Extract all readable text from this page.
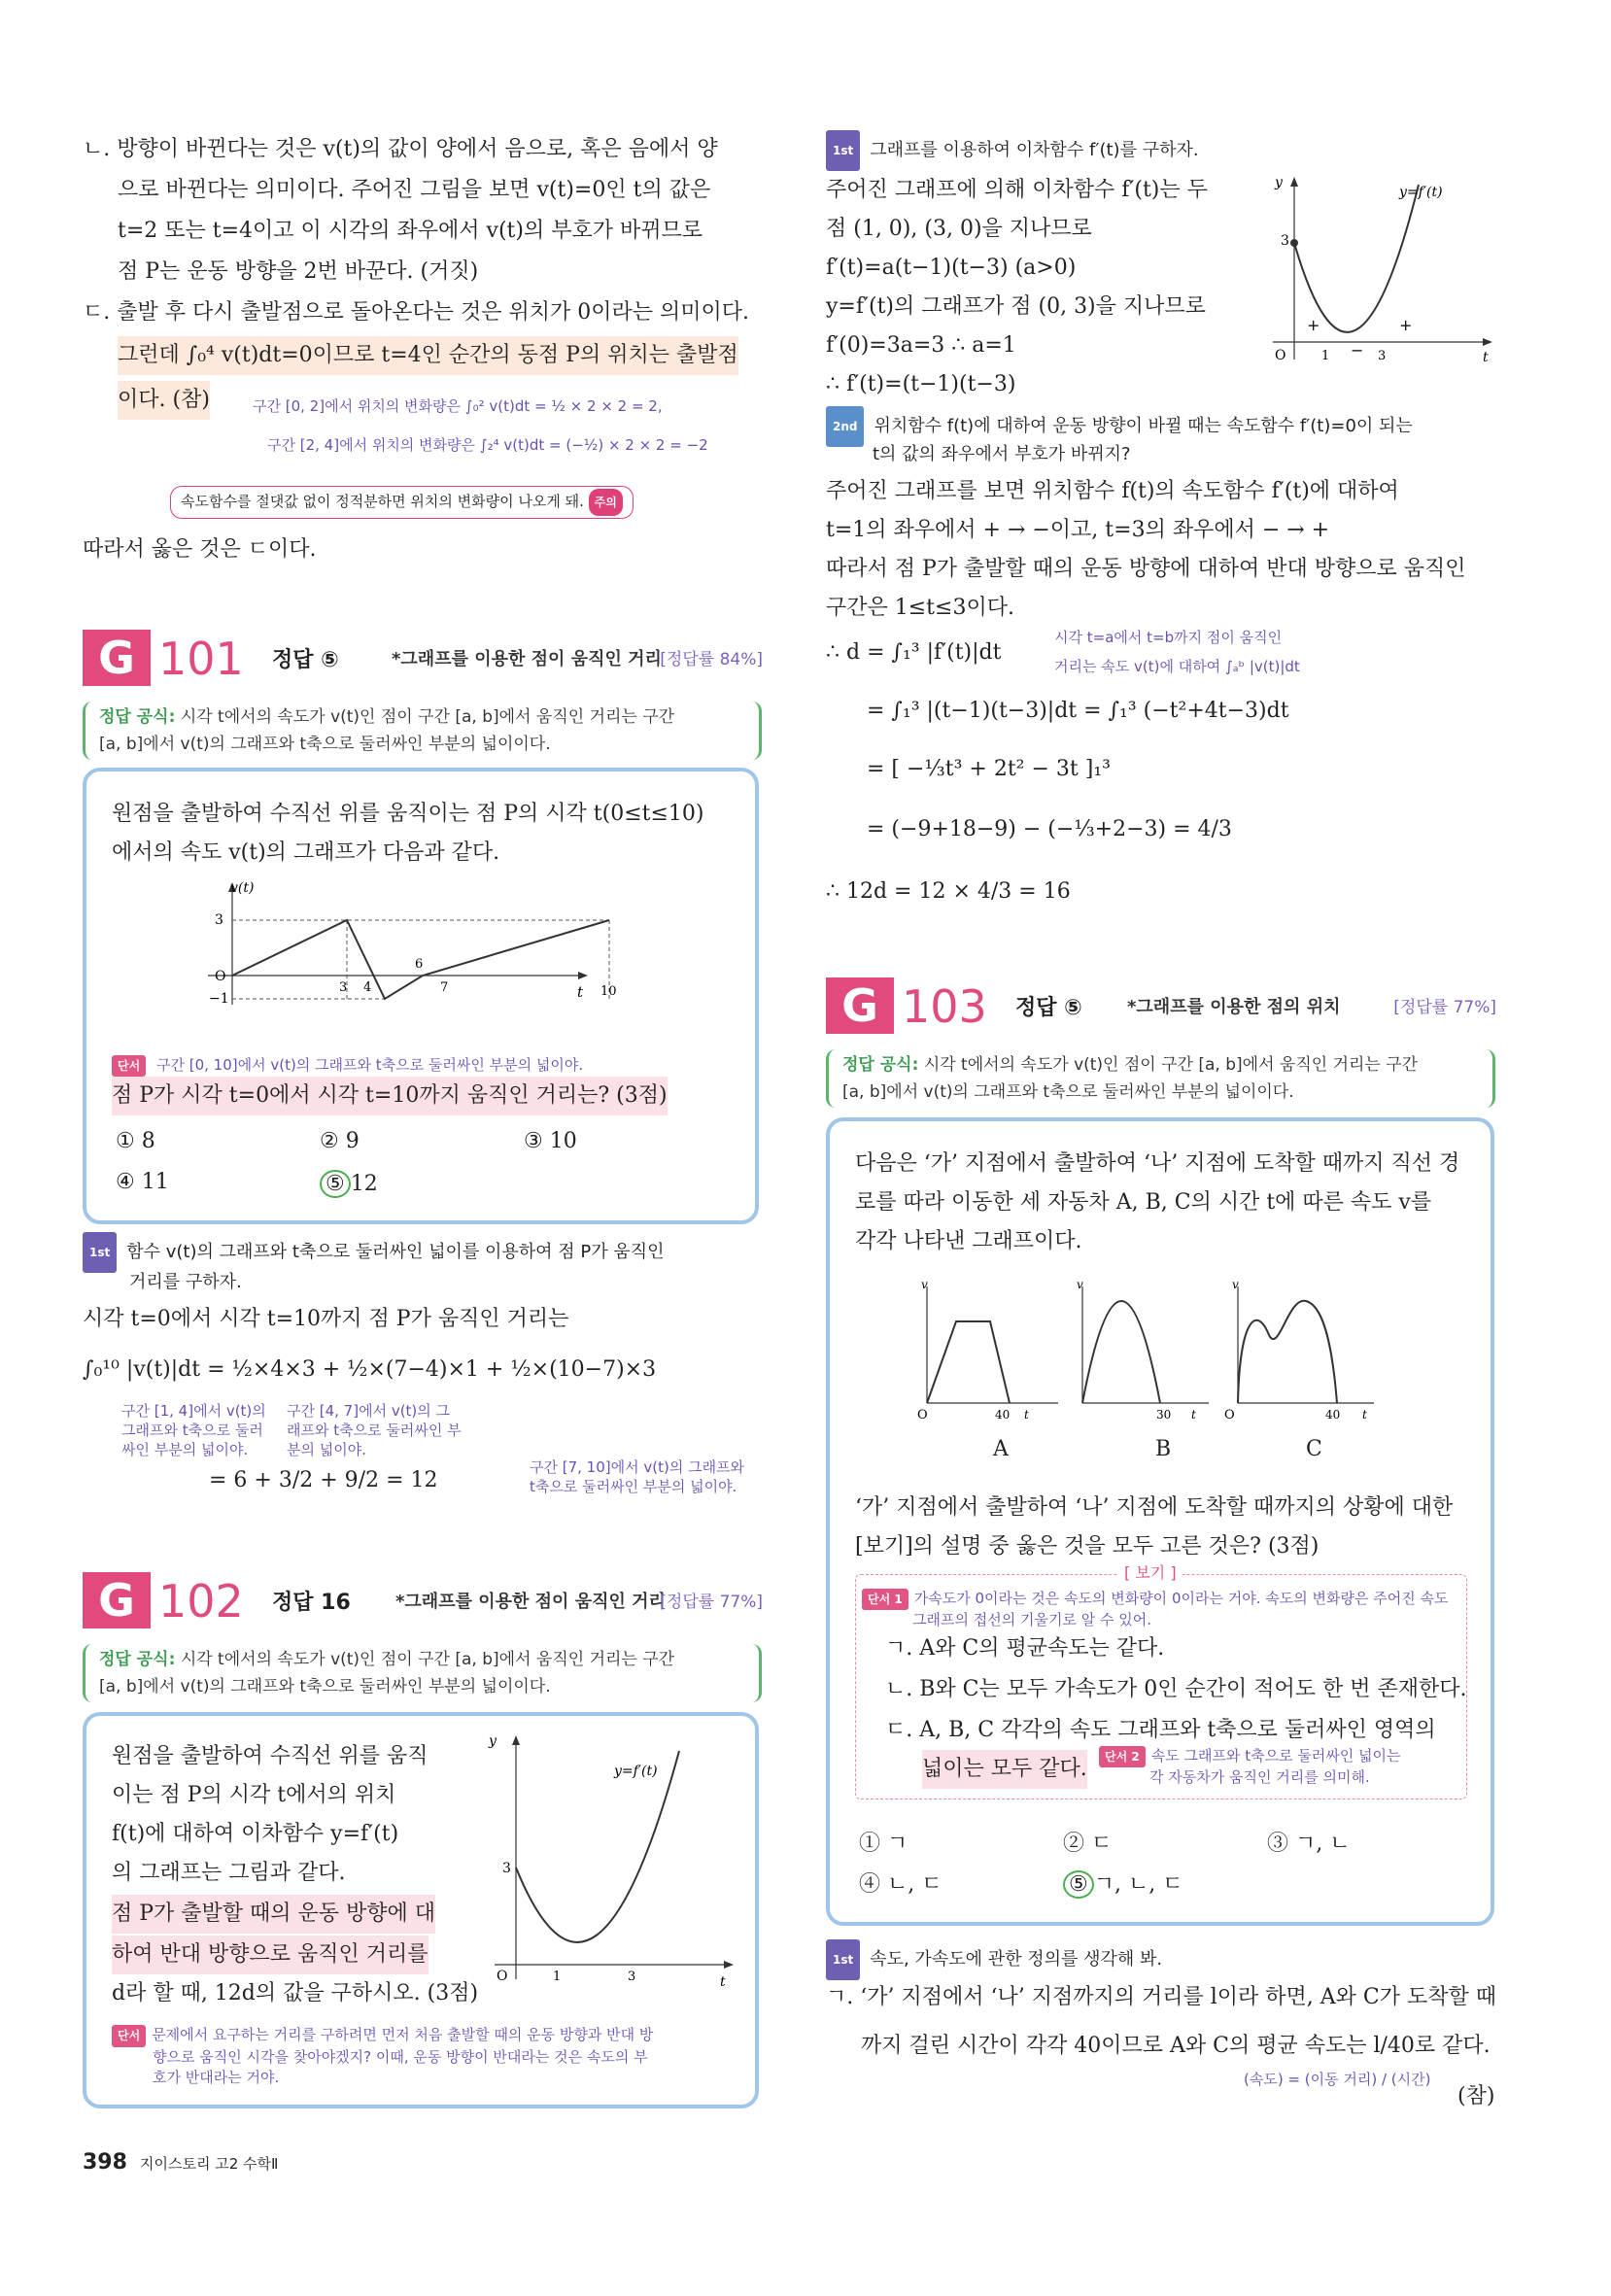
ㄴ. 방향이 바뀐다는 것은 v(t)의 값이 양에서 음으로, 혹은 음에서 양
으로 바뀐다는 의미이다. 주어진 그림을 보면 v(t)=0인 t의 값은
t=2 또는 t=4이고 이 시각의 좌우에서 v(t)의 부호가 바뀌므로
점 P는 운동 방향을 2번 바꾼다. (거짓)
ㄷ. 출발 후 다시 출발점으로 돌아온다는 것은 위치가 0이라는 의미이다.
그런데 ∫₀⁴ v(t)dt=0이므로 t=4인 순간의 동점 P의 위치는 출발점
이다. (참)	구간 [0, 2]에서 위치의 변화량은 ∫₀² v(t)dt = ½ × 2 × 2 = 2,
구간 [2, 4]에서 위치의 변화량은 ∫₂⁴ v(t)dt = (−½) × 2 × 2 = −2
속도함수를 절댓값 없이 정적분하면 위치의 변화량이 나오게 돼. 주의
따라서 옳은 것은 ㄷ이다.
G 101 정답 ⑤	*그래프를 이용한 점이 움직인 거리
[정답률 84%]
정답 공식: 시각 t에서의 속도가 v(t)인 점이 구간 [a, b]에서 움직인 거리는 구간
[a, b]에서 v(t)의 그래프와 t축으로 둘러싸인 부분의 넓이이다.
원점을 출발하여 수직선 위를 움직이는 점 P의 시각 t(0≤t≤10)
에서의 속도 v(t)의 그래프가 다음과 같다.
v(t)
t
O
3
−1
3 4
6
7	10
단서 구간 [0, 10]에서 v(t)의 그래프와 t축으로 둘러싸인 부분의 넓이야.
점 P가 시각 t=0에서 시각 t=10까지 움직인 거리는? (3점)
① 8	② 9	③ 10
④ 11	⑤ 12
1st 함수 v(t)의 그래프와 t축으로 둘러싸인 넓이를 이용하여 점 P가 움직인
거리를 구하자.
시각 t=0에서 시각 t=10까지 점 P가 움직인 거리는
∫₀¹⁰ |v(t)|dt = ½×4×3 + ½×(7−4)×1 + ½×(10−7)×3
구간 [1, 4]에서 v(t)의 그래프와 t축으로 둘러싸인 부분의 넓이야.
구간 [4, 7]에서 v(t)의 그래프와 t축으로 둘러싸인 부분의 넓이야.
구간 [7, 10]에서 v(t)의 그래프와 t축으로 둘러싸인 부분의 넓이야.
= 6 + 3/2 + 9/2 = 12
G 102 정답 16	*그래프를 이용한 점이 움직인 거리
[정답률 77%]
정답 공식: 시각 t에서의 속도가 v(t)인 점이 구간 [a, b]에서 움직인 거리는 구간
[a, b]에서 v(t)의 그래프와 t축으로 둘러싸인 부분의 넓이이다.
원점을 출발하여 수직선 위를 움직
이는 점 P의 시각 t에서의 위치
f(t)에 대하여 이차함수 y=f′(t)
의 그래프는 그림과 같다.
점 P가 출발할 때의 운동 방향에 대
하여 반대 방향으로 움직인 거리를
d라 할 때, 12d의 값을 구하시오. (3점)
y
t
O
3
1	3
y=f′(t)
단서 문제에서 요구하는 거리를 구하려면 먼저 처음 출발할 때의 운동 방향과 반대 방
향으로 움직인 시각을 찾아야겠지? 이때, 운동 방향이 반대라는 것은 속도의 부
호가 반대라는 거야.
1st 그래프를 이용하여 이차함수 f′(t)를 구하자.
주어진 그래프에 의해 이차함수 f′(t)는 두
점 (1, 0), (3, 0)을 지나므로
f′(t)=a(t−1)(t−3) (a>0)
y=f′(t)의 그래프가 점 (0, 3)을 지나므로
f′(0)=3a=3 ∴ a=1
∴ f′(t)=(t−1)(t−3)
y
t
O
3
1	3
+
−
+
y=f′(t)
2nd 위치함수 f(t)에 대하여 운동 방향이 바뀔 때는 속도함수 f′(t)=0이 되는
t의 값의 좌우에서 부호가 바뀌지?
주어진 그래프를 보면 위치함수 f(t)의 속도함수 f′(t)에 대하여
t=1의 좌우에서 + → −이고, t=3의 좌우에서 − → +
따라서 점 P가 출발할 때의 운동 방향에 대하여 반대 방향으로 움직인
구간은 1≤t≤3이다.
∴ d = ∫₁³ |f′(t)|dt
시각 t=a에서 t=b까지 점이 움직인
거리는 속도 v(t)에 대하여 ∫ₐᵇ |v(t)|dt
= ∫₁³ |(t−1)(t−3)|dt = ∫₁³ (−t²+4t−3)dt
= [ −⅓t³ + 2t² − 3t ]₁³
= (−9+18−9) − (−⅓+2−3) = 4/3
∴ 12d = 12 × 4/3 = 16
G 103 정답 ⑤	*그래프를 이용한 점의 위치	[정답률 77%]
정답 공식: 시각 t에서의 속도가 v(t)인 점이 구간 [a, b]에서 움직인 거리는 구간
[a, b]에서 v(t)의 그래프와 t축으로 둘러싸인 부분의 넓이이다.
다음은 ‘가’ 지점에서 출발하여 ‘나’ 지점에 도착할 때까지 직선 경
로를 따라 이동한 세 자동차 A, B, C의 시간 t에 따른 속도 v를
각각 나타낸 그래프이다.
v
O	40 t
v
30 t
v
O	40 t
A	B	C
‘가’ 지점에서 출발하여 ‘나’ 지점에 도착할 때까지의 상황에 대한
[보기]의 설명 중 옳은 것을 모두 고른 것은? (3점)
[ 보기 ]
단서 1 가속도가 0이라는 것은 속도의 변화량이 0이라는 거야. 속도의 변화량은 주어진 속도
그래프의 접선의 기울기로 알 수 있어.
ㄱ. A와 C의 평균속도는 같다.
ㄴ. B와 C는 모두 가속도가 0인 순간이 적어도 한 번 존재한다.
ㄷ. A, B, C 각각의 속도 그래프와 t축으로 둘러싸인 영역의
넓이는 모두 같다.	단서 2 속도 그래프와 t축으로 둘러싸인 넓이는
각 자동차가 움직인 거리를 의미해.
① ㄱ	② ㄷ	③ ㄱ, ㄴ
④ ㄴ, ㄷ	⑤ ㄱ, ㄴ, ㄷ
1st 속도, 가속도에 관한 정의를 생각해 봐.
ㄱ. ‘가’ 지점에서 ‘나’ 지점까지의 거리를 l이라 하면, A와 C가 도착할 때
까지 걸린 시간이 각각 40이므로 A와 C의 평균 속도는 l/40로 같다.
(속도) = (이동 거리) / (시간)
(참)
398 지이스토리 고2 수학Ⅱ
